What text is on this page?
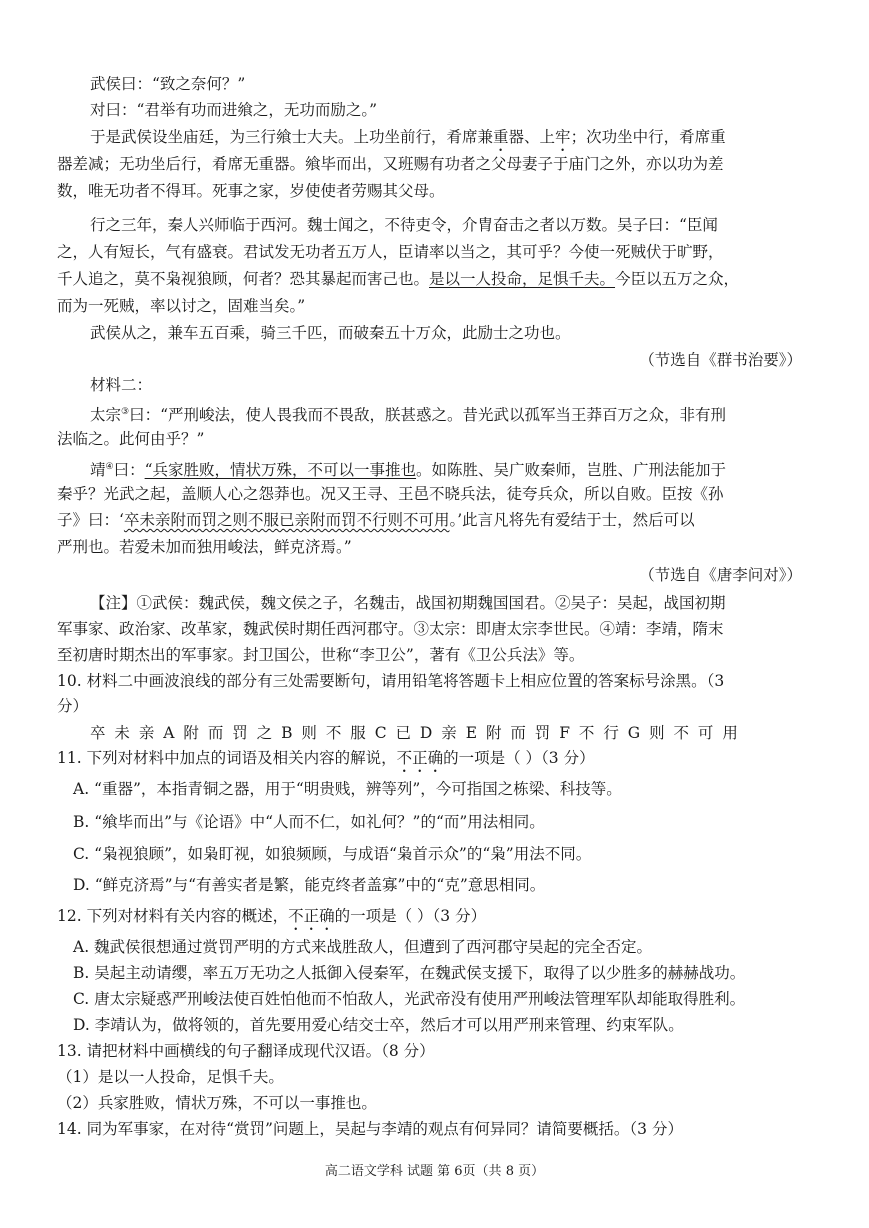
武侯曰：“致之奈何？”
对曰：“君举有功而进飨之，无功而励之。”
于是武侯设坐庙廷，为三行飨士大夫。上功坐前行，肴席兼重器、上牢；次功坐中行，肴席重
器差减；无功坐后行，肴席无重器。飨毕而出，又班赐有功者之父母妻子于庙门之外，亦以功为差
数，唯无功者不得耳。死事之家，岁使使者劳赐其父母。
行之三年，秦人兴师临于西河。魏士闻之，不待吏令，介胄奋击之者以万数。吴子曰：“臣闻
之，人有短长，气有盛衰。君试发无功者五万人，臣请率以当之，其可乎？今使一死贼伏于旷野，
千人追之，莫不枭视狼顾，何者？恐其暴起而害己也。是以一人投命，足惧千夫。今臣以五万之众，
而为一死贼，率以讨之，固难当矣。”
武侯从之，兼车五百乘，骑三千匹，而破秦五十万众，此励士之功也。
（节选自《群书治要》）
材料二：
太宗③曰：“严刑峻法，使人畏我而不畏敌，朕甚惑之。昔光武以孤军当王莽百万之众，非有刑
法临之。此何由乎？”
靖④曰：“兵家胜败，情状万殊，不可以一事推也。如陈胜、吴广败秦师，岂胜、广刑法能加于
秦乎？光武之起，盖顺人心之怨莽也。况又王寻、王邑不晓兵法，徒夸兵众，所以自败。臣按《孙
子》曰：‘卒未亲附而罚之则不服已亲附而罚不行则不可用。’此言凡将先有爱结于士，然后可以
严刑也。若爱未加而独用峻法，鲜克济焉。”
（节选自《唐李问对》）
【注】①武侯：魏武侯，魏文侯之子，名魏击，战国初期魏国国君。②吴子：吴起，战国初期
军事家、政治家、改革家，魏武侯时期任西河郡守。③太宗：即唐太宗李世民。④靖：李靖，隋末
至初唐时期杰出的军事家。封卫国公，世称“李卫公”，著有《卫公兵法》等。
10. 材料二中画波浪线的部分有三处需要断句，请用铅笔将答题卡上相应位置的答案标号涂黑。（3
分）
卒 未 亲 A 附 而 罚 之 B 则 不 服 C 已 D 亲 E 附 而 罚 F 不 行 G 则 不 可 用
11. 下列对材料中加点的词语及相关内容的解说，不正确的一项是（ ）（3 分）
A. “重器”，本指青铜之器，用于“明贵贱，辨等列”，今可指国之栋梁、科技等。
B. “飨毕而出”与《论语》中“人而不仁，如礼何？”的“而”用法相同。
C. “枭视狼顾”，如枭盯视，如狼频顾，与成语“枭首示众”的“枭”用法不同。
D. “鲜克济焉”与“有善实者是繁，能克终者盖寡”中的“克”意思相同。
12. 下列对材料有关内容的概述，不正确的一项是（ ）（3 分）
A. 魏武侯很想通过赏罚严明的方式来战胜敌人，但遭到了西河郡守吴起的完全否定。
B. 吴起主动请缨，率五万无功之人抵御入侵秦军，在魏武侯支援下，取得了以少胜多的赫赫战功。
C. 唐太宗疑惑严刑峻法使百姓怕他而不怕敌人，光武帝没有使用严刑峻法管理军队却能取得胜利。
D. 李靖认为，做将领的，首先要用爱心结交士卒，然后才可以用严刑来管理、约束军队。
13. 请把材料中画横线的句子翻译成现代汉语。（8 分）
（1）是以一人投命，足惧千夫。
（2）兵家胜败，情状万殊，不可以一事推也。
14. 同为军事家，在对待“赏罚”问题上，吴起与李靖的观点有何异同？请简要概括。（3 分）
高二语文学科 试题 第 6页（共 8 页）
